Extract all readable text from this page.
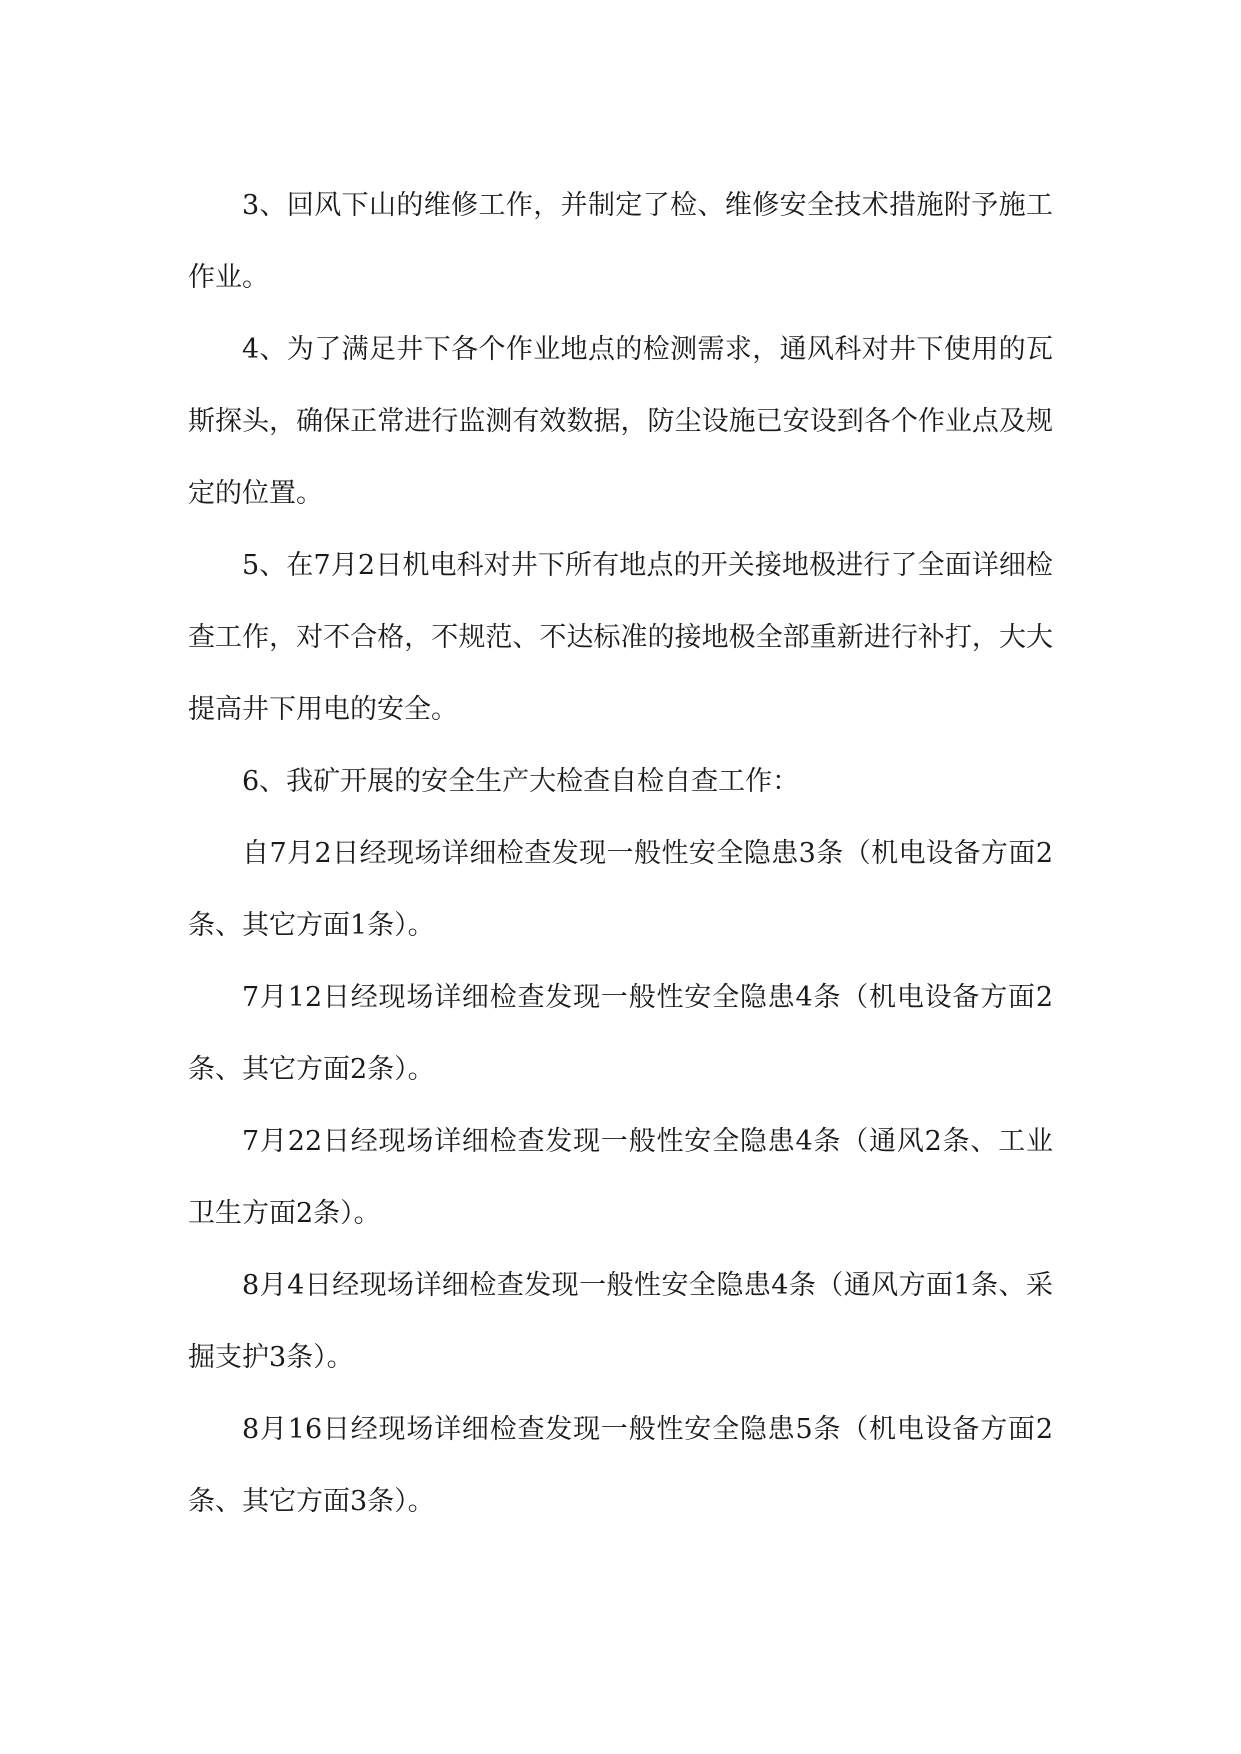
3、回风下山的维修工作，并制定了检、维修安全技术措施附予施工作业。

4、为了满足井下各个作业地点的检测需求，通风科对井下使用的瓦斯探头，确保正常进行监测有效数据，防尘设施已安设到各个作业点及规定的位置。

5、在7月2日机电科对井下所有地点的开关接地极进行了全面详细检查工作，对不合格，不规范、不达标准的接地极全部重新进行补打，大大提高井下用电的安全。

6、我矿开展的安全生产大检查自检自查工作：

自7月2日经现场详细检查发现一般性安全隐患3条（机电设备方面2条、其它方面1条）。

7月12日经现场详细检查发现一般性安全隐患4条（机电设备方面2条、其它方面2条）。

7月22日经现场详细检查发现一般性安全隐患4条（通风2条、工业卫生方面2条）。

8月4日经现场详细检查发现一般性安全隐患4条（通风方面1条、采掘支护3条）。

8月16日经现场详细检查发现一般性安全隐患5条（机电设备方面2条、其它方面3条）。
